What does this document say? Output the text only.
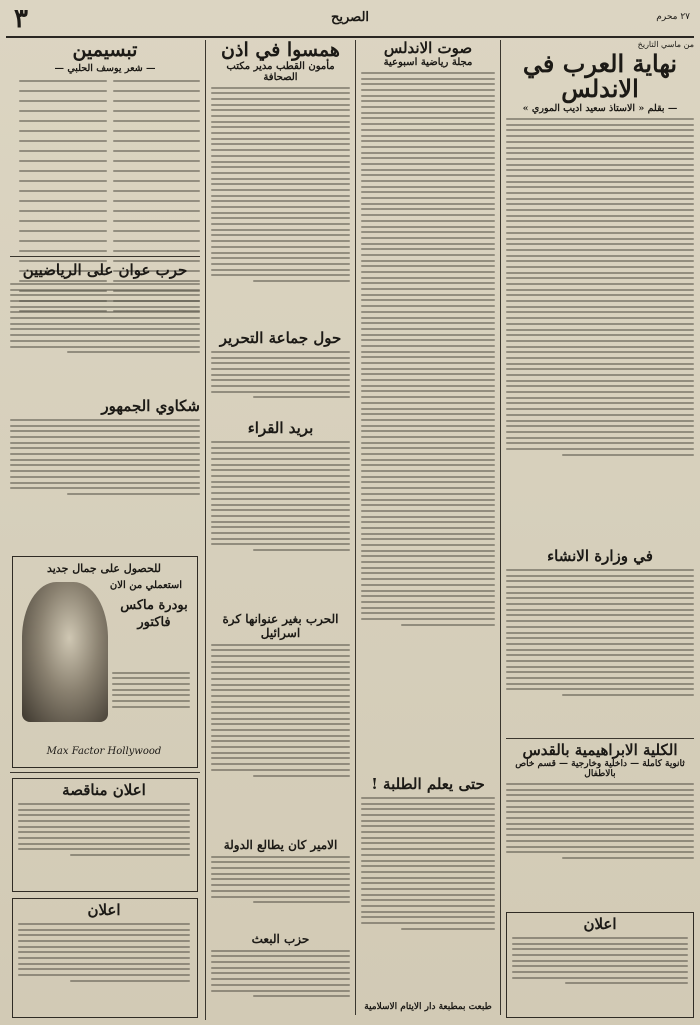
٣	الصريح	٢٧ محرم
من ماسي التاريخ
نهاية العرب في الاندلس
— بقلم « الاستاذ سعيد اديب الموري »
في وزارة الانشاء
الكلية الابراهيمية بالقدس
ثانوية كاملة — داخلية وخارجية — قسم خاص بالاطفال
اعلان
صوت الاندلس
مجلة رياضية اسبوعية
حتى يعلم الطلبة !
طبعت بمطبعة دار الايتام الاسلامية
همسوا في اذن
مأمون القطب مدير مكتب الصحافة
حول جماعة التحرير
بريد القراء
الحرب بغير عنوانها كرة اسرائيل
الامير كان يطالع الدولة
حزب البعث
تبسيمين
— شعر يوسف الحلبي —
حرب عوان على الرياضيين
شكاوي الجمهور
للحصول على جمال جديد
استعملي من الان
بودرة ماكس فاكتور
Max Factor Hollywood
اعلان مناقصة
اعلان
